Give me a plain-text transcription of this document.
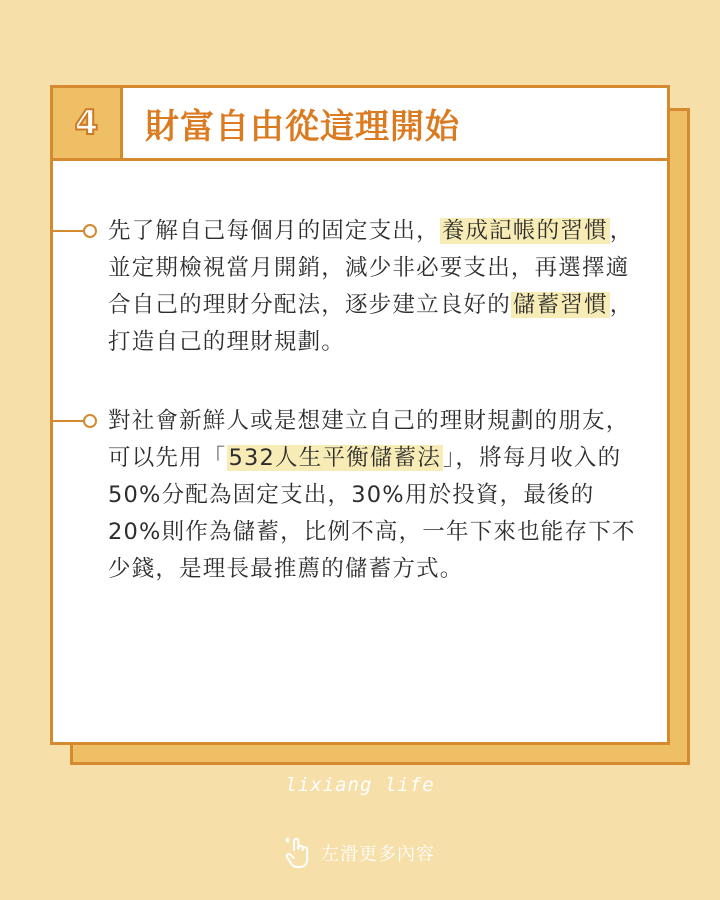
4	財富自由從這理開始
先了解自己每個月的固定支出，養成記帳的習慣，並定期檢視當月開銷，減少非必要支出，再選擇適合自己的理財分配法，逐步建立良好的儲蓄習慣，打造自己的理財規劃。
對社會新鮮人或是想建立自己的理財規劃的朋友，可以先用「532人生平衡儲蓄法」，將每月收入的50%分配為固定支出，30%用於投資，最後的20%則作為儲蓄，比例不高，一年下來也能存下不少錢，是理長最推薦的儲蓄方式。
lixiang life
左滑更多內容
